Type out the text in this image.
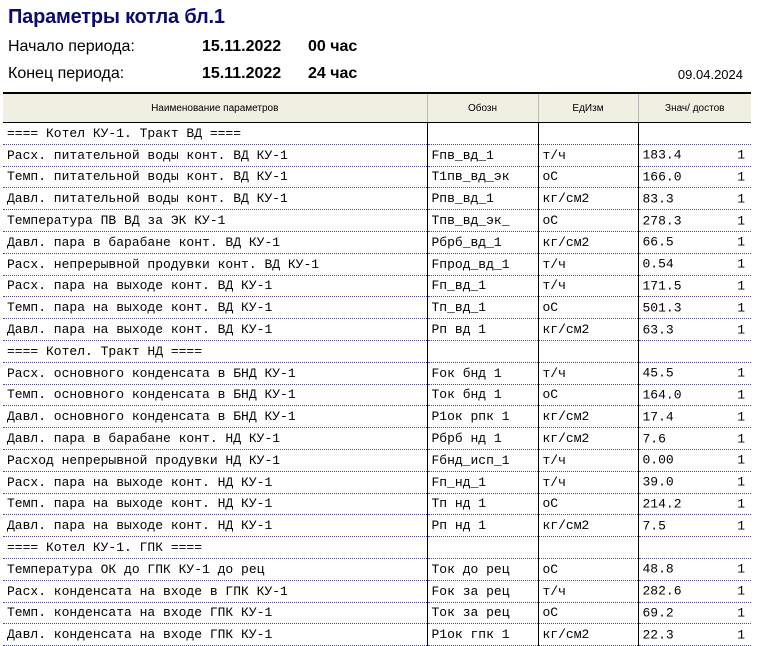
Параметры котла бл.1
Начало периода:	15.11.2022 00 час
Конец периода:	15.11.2022 24 час	09.04.2024
Наименование параметров	Обозн	ЕдИзм	Знач/ достов
==== Котел КУ-1. Тракт ВД ====			
Расх. питательной воды конт. ВД КУ-1	Fпв_вд_1	т/ч	183.4 1

Темп. питательной воды конт. ВД КУ-1	T1пв_вд_эк	оС	166.0 1

Давл. питательной воды конт. ВД КУ-1	Pпв_вд_1	кг/см2	83.3 1

Температура ПВ ВД за ЭК КУ-1	Tпв_вд_эк_	оС	278.3 1

Давл. пара в барабане конт. ВД КУ-1	Pбрб_вд_1	кг/см2	66.5 1

Расх. непрерывной продувки конт. ВД КУ-1	Fпрод_вд_1	т/ч	0.54 1

Расх. пара на выходе конт. ВД КУ-1	Fп_вд_1	т/ч	171.5 1

Темп. пара на выходе конт. ВД КУ-1	Tп_вд_1	оС	501.3 1

Давл. пара на выходе конт. ВД КУ-1	Pп вд 1	кг/см2	63.3 1

==== Котел. Тракт НД ====			
Расх. основного конденсата в БНД КУ-1	Fок бнд 1	т/ч	45.5 1

Темп. основного конденсата в БНД КУ-1	Tок бнд 1	оС	164.0 1

Давл. основного конденсата в БНД КУ-1	P1ок рпк 1	кг/см2	17.4 1

Давл. пара в барабане конт. НД КУ-1	Pбрб нд 1	кг/см2	7.6 1

Расход непрерывной продувки НД КУ-1	Fбнд_исп_1	т/ч	0.00 1

Расх. пара на выходе конт. НД КУ-1	Fп_нд_1	т/ч	39.0 1

Темп. пара на выходе конт. НД КУ-1	Tп нд 1	оС	214.2 1

Давл. пара на выходе конт. НД КУ-1	Pп нд 1	кг/см2	7.5 1

==== Котел КУ-1. ГПК ====			
Температура ОК до ГПК КУ-1 до рец	Tок до рец	оС	48.8 1

Расх. конденсата на входе в ГПК КУ-1	Fок за рец	т/ч	282.6 1

Темп. конденсата на входе ГПК КУ-1	Tок за рец	оС	69.2 1

Давл. конденсата на входе ГПК КУ-1	P1ок гпк 1	кг/см2	22.3 1
